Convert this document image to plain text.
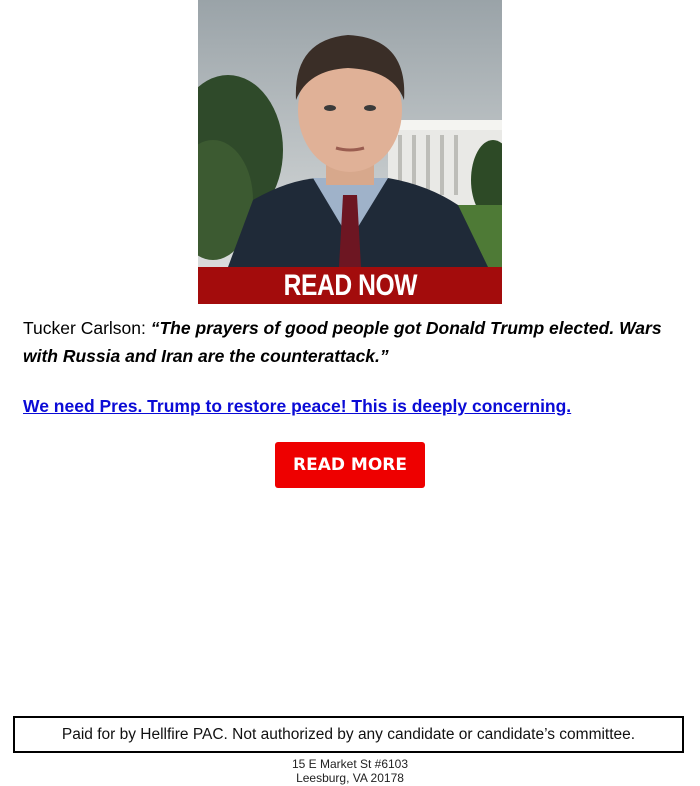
READ NOW
Tucker Carlson: “The prayers of good people got Donald Trump elected. Wars with Russia and Iran are the counterattack.”
We need Pres. Trump to restore peace! This is deeply concerning.
READ MORE
Paid for by Hellfire PAC. Not authorized by any candidate or candidate’s committee.
15 E Market St #6103
Leesburg, VA 20178
